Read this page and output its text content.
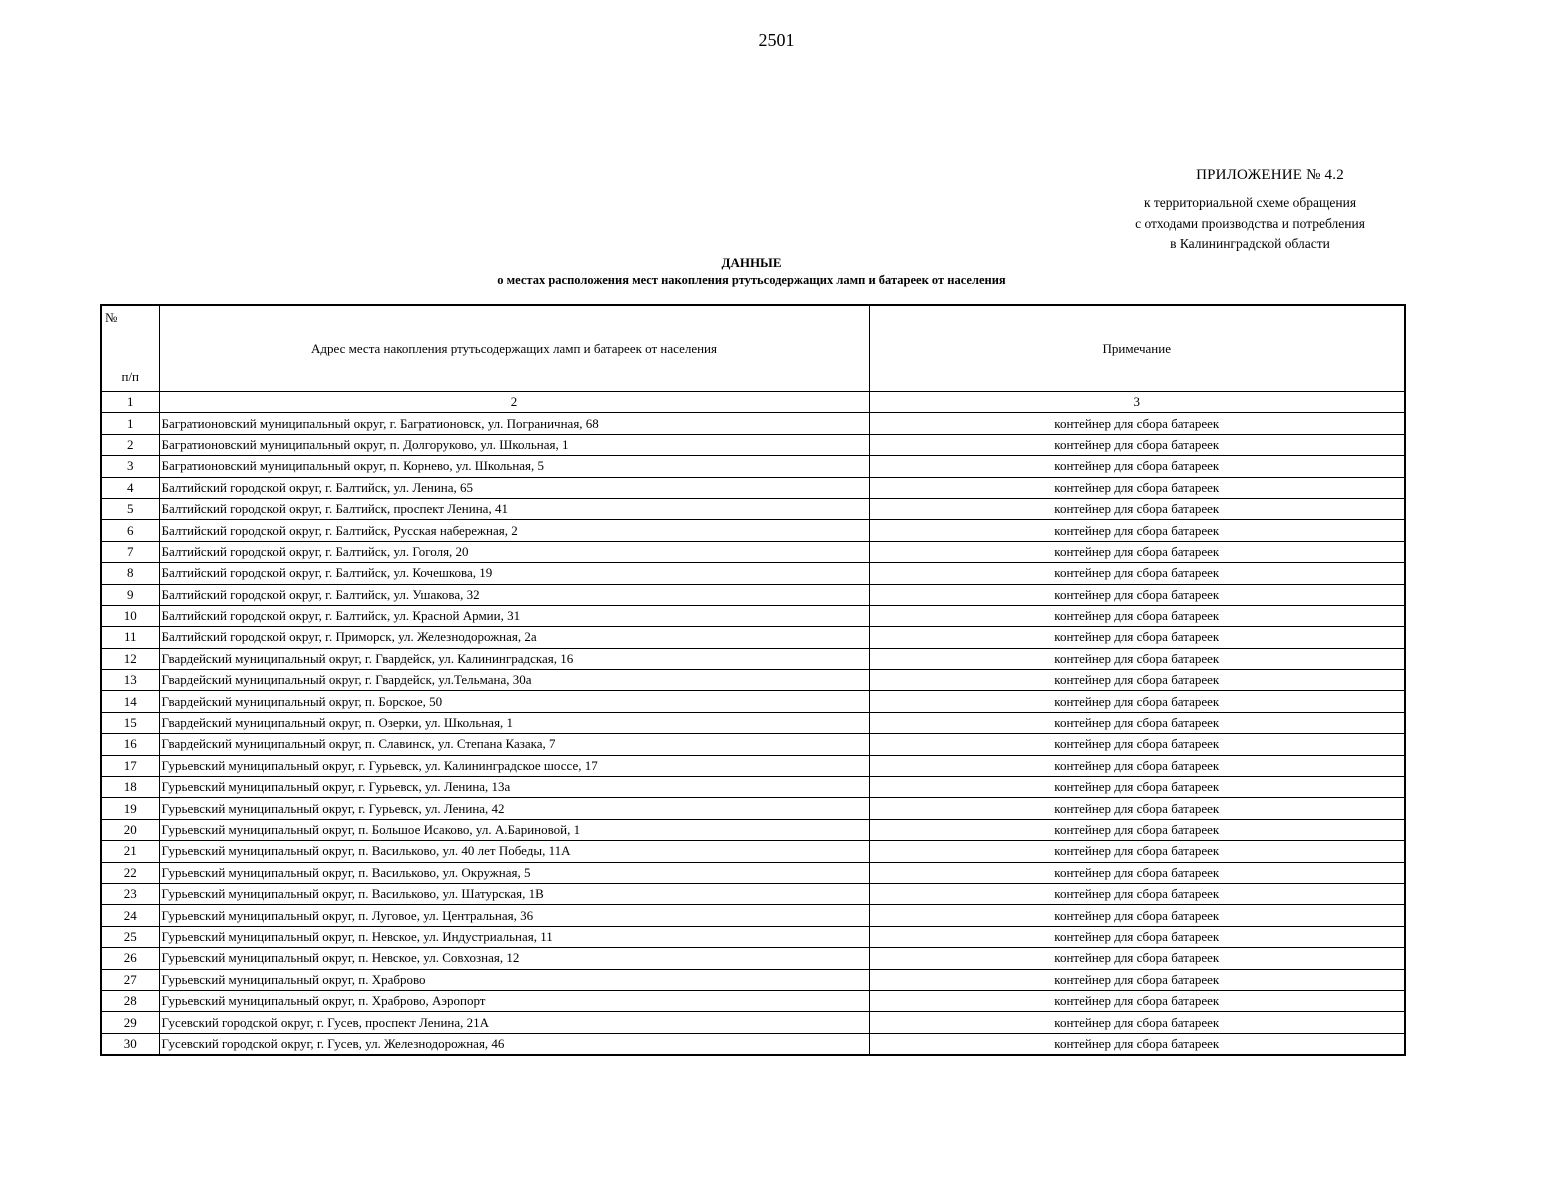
2501
ПРИЛОЖЕНИЕ № 4.2
к территориальной схеме обращения
с отходами производства и потребления
в Калининградской области
ДАННЫЕ
о местах расположения мест накопления ртутьсодержащих ламп и батареек от населения
№
п/п	Адрес места накопления ртутьсодержащих ламп и батареек от населения	Примечание
1	2	3
1	Багратионовский муниципальный округ, г. Багратионовск, ул. Пограничная, 68	контейнер для сбора батареек
2	Багратионовский муниципальный округ, п. Долгоруково, ул. Школьная, 1	контейнер для сбора батареек
3	Багратионовский муниципальный округ, п. Корнево, ул. Школьная, 5	контейнер для сбора батареек
4	Балтийский городской округ, г. Балтийск, ул. Ленина, 65	контейнер для сбора батареек
5	Балтийский городской округ, г. Балтийск, проспект Ленина, 41	контейнер для сбора батареек
6	Балтийский городской округ, г. Балтийск, Русская набережная, 2	контейнер для сбора батареек
7	Балтийский городской округ, г. Балтийск, ул. Гоголя, 20	контейнер для сбора батареек
8	Балтийский городской округ, г. Балтийск, ул. Кочешкова, 19	контейнер для сбора батареек
9	Балтийский городской округ, г. Балтийск, ул. Ушакова, 32	контейнер для сбора батареек
10	Балтийский городской округ, г. Балтийск, ул. Красной Армии, 31	контейнер для сбора батареек
11	Балтийский городской округ, г. Приморск, ул. Железнодорожная, 2а	контейнер для сбора батареек
12	Гвардейский муниципальный округ, г. Гвардейск, ул. Калининградская, 16	контейнер для сбора батареек
13	Гвардейский муниципальный округ, г. Гвардейск, ул.Тельмана, 30а	контейнер для сбора батареек
14	Гвардейский муниципальный округ, п. Борское, 50	контейнер для сбора батареек
15	Гвардейский муниципальный округ, п. Озерки, ул. Школьная, 1	контейнер для сбора батареек
16	Гвардейский муниципальный округ, п. Славинск, ул. Степана Казака, 7	контейнер для сбора батареек
17	Гурьевский муниципальный округ, г. Гурьевск, ул. Калининградское шоссе, 17	контейнер для сбора батареек
18	Гурьевский муниципальный округ, г. Гурьевск, ул. Ленина, 13а	контейнер для сбора батареек
19	Гурьевский муниципальный округ, г. Гурьевск, ул. Ленина, 42	контейнер для сбора батареек
20	Гурьевский муниципальный округ, п. Большое Исаково, ул. А.Бариновой, 1	контейнер для сбора батареек
21	Гурьевский муниципальный округ, п. Васильково, ул. 40 лет Победы, 11А	контейнер для сбора батареек
22	Гурьевский муниципальный округ, п. Васильково, ул. Окружная, 5	контейнер для сбора батареек
23	Гурьевский муниципальный округ, п. Васильково, ул. Шатурская, 1В	контейнер для сбора батареек
24	Гурьевский муниципальный округ, п. Луговое, ул. Центральная, 36	контейнер для сбора батареек
25	Гурьевский муниципальный округ, п. Невское, ул. Индустриальная, 11	контейнер для сбора батареек
26	Гурьевский муниципальный округ, п. Невское, ул. Совхозная, 12	контейнер для сбора батареек
27	Гурьевский муниципальный округ, п. Храброво	контейнер для сбора батареек
28	Гурьевский муниципальный округ, п. Храброво, Аэропорт	контейнер для сбора батареек
29	Гусевский городской округ, г. Гусев, проспект Ленина, 21А	контейнер для сбора батареек
30	Гусевский городской округ, г. Гусев, ул. Железнодорожная, 46	контейнер для сбора батареек
